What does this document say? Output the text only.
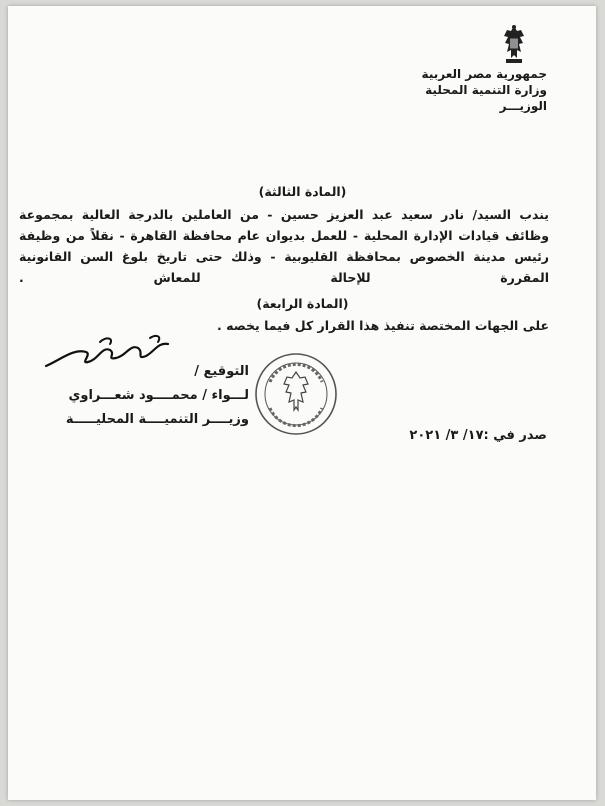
جمهورية مصر العربية
وزارة التنمية المحلية
الوزيـــر
(المادة الثالثة)
يندب السيد/ نادر سعيد عبد العزيز حسين - من العاملين بالدرجة العالية بمجموعة
وظائف قيادات الإدارة المحلية - للعمل بديوان عام محافظة القاهرة - نقلاً من وظيفة
رئيس مدينة الخصوص بمحافظة القليوبية - وذلك حتى تاريخ بلوغ السن القانونية
المقررة للإحالة للمعاش .
(المادة الرابعة)
على الجهات المختصة تنفيذ هذا القرار كل فيما يخصه .
التوقيع /
لـــواء / محمــــود شعـــراوي
وزيــــر التنميــــة المحليـــــة
صدر في :١٧/ ٣/ ٢٠٢١
